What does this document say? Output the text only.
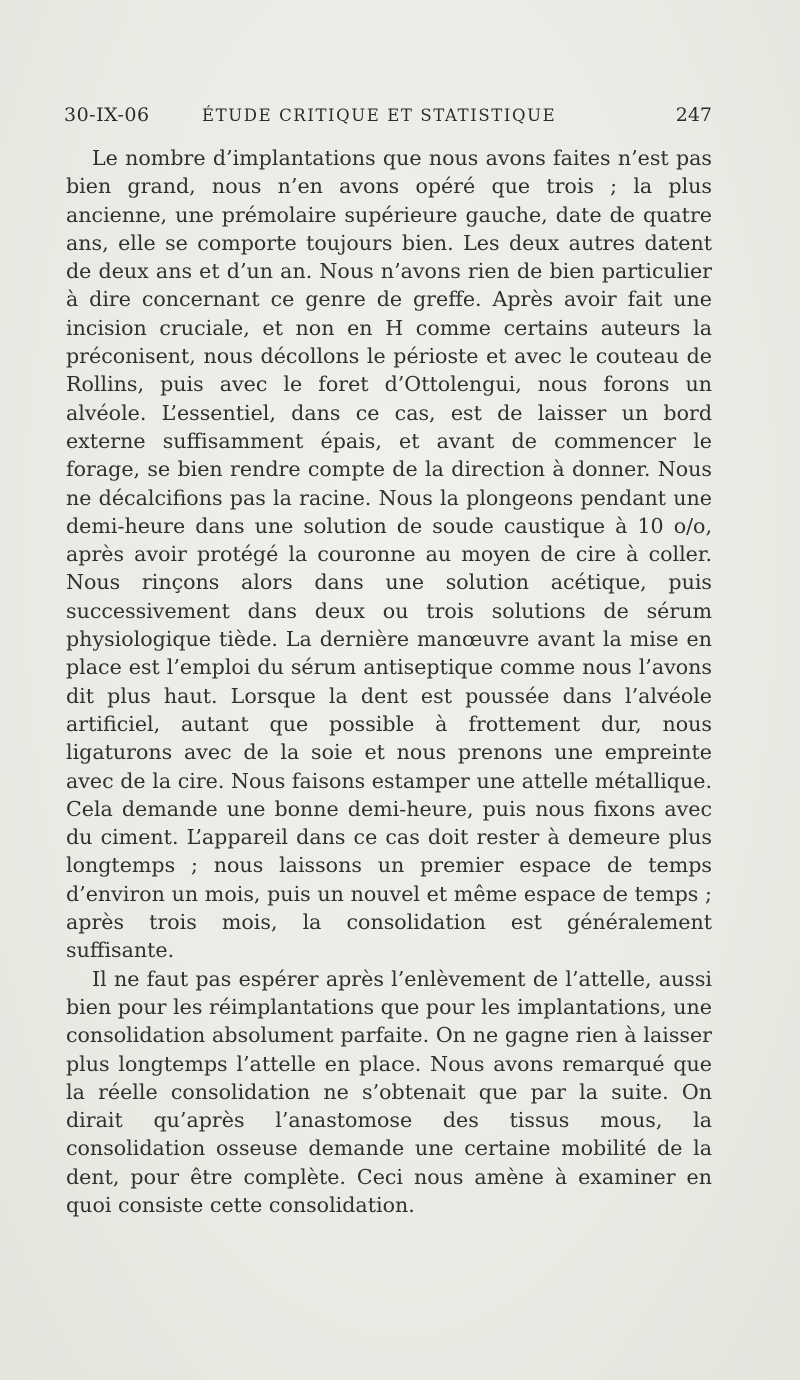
30-IX-06	ÉTUDE CRITIQUE ET STATISTIQUE	247

Le nombre d’implantations que nous avons faites n’est pas bien grand, nous n’en avons opéré que trois ; la plus ancienne, une prémolaire supérieure gauche, date de quatre ans, elle se comporte toujours bien. Les deux autres datent de deux ans et d’un an. Nous n’avons rien de bien particulier à dire concernant ce genre de greffe. Après avoir fait une incision cruciale, et non en H comme certains auteurs la préconisent, nous décollons le périoste et avec le couteau de Rollins, puis avec le foret d’Ottolengui, nous forons un alvéole. L’essentiel, dans ce cas, est de laisser un bord externe suffisamment épais, et avant de commencer le forage, se bien rendre compte de la direction à donner. Nous ne décalcifions pas la racine. Nous la plongeons pendant une demi-heure dans une solution de soude caustique à 10 o/o, après avoir protégé la couronne au moyen de cire à coller. Nous rinçons alors dans une solution acétique, puis successivement dans deux ou trois solutions de sérum physiologique tiède. La dernière manœuvre avant la mise en place est l’emploi du sérum antiseptique comme nous l’avons dit plus haut. Lorsque la dent est poussée dans l’alvéole artificiel, autant que possible à frottement dur, nous ligaturons avec de la soie et nous prenons une empreinte avec de la cire. Nous faisons estamper une attelle métallique. Cela demande une bonne demi-heure, puis nous fixons avec du ciment. L’appareil dans ce cas doit rester à demeure plus longtemps ; nous laissons un premier espace de temps d’environ un mois, puis un nouvel et même espace de temps ; après trois mois, la consolidation est généralement suffisante.

Il ne faut pas espérer après l’enlèvement de l’attelle, aussi bien pour les réimplantations que pour les implantations, une consolidation absolument parfaite. On ne gagne rien à laisser plus longtemps l’attelle en place. Nous avons remarqué que la réelle consolidation ne s’obtenait que par la suite. On dirait qu’après l’anastomose des tissus mous, la consolidation osseuse demande une certaine mobilité de la dent, pour être complète. Ceci nous amène à examiner en quoi consiste cette consolidation.
